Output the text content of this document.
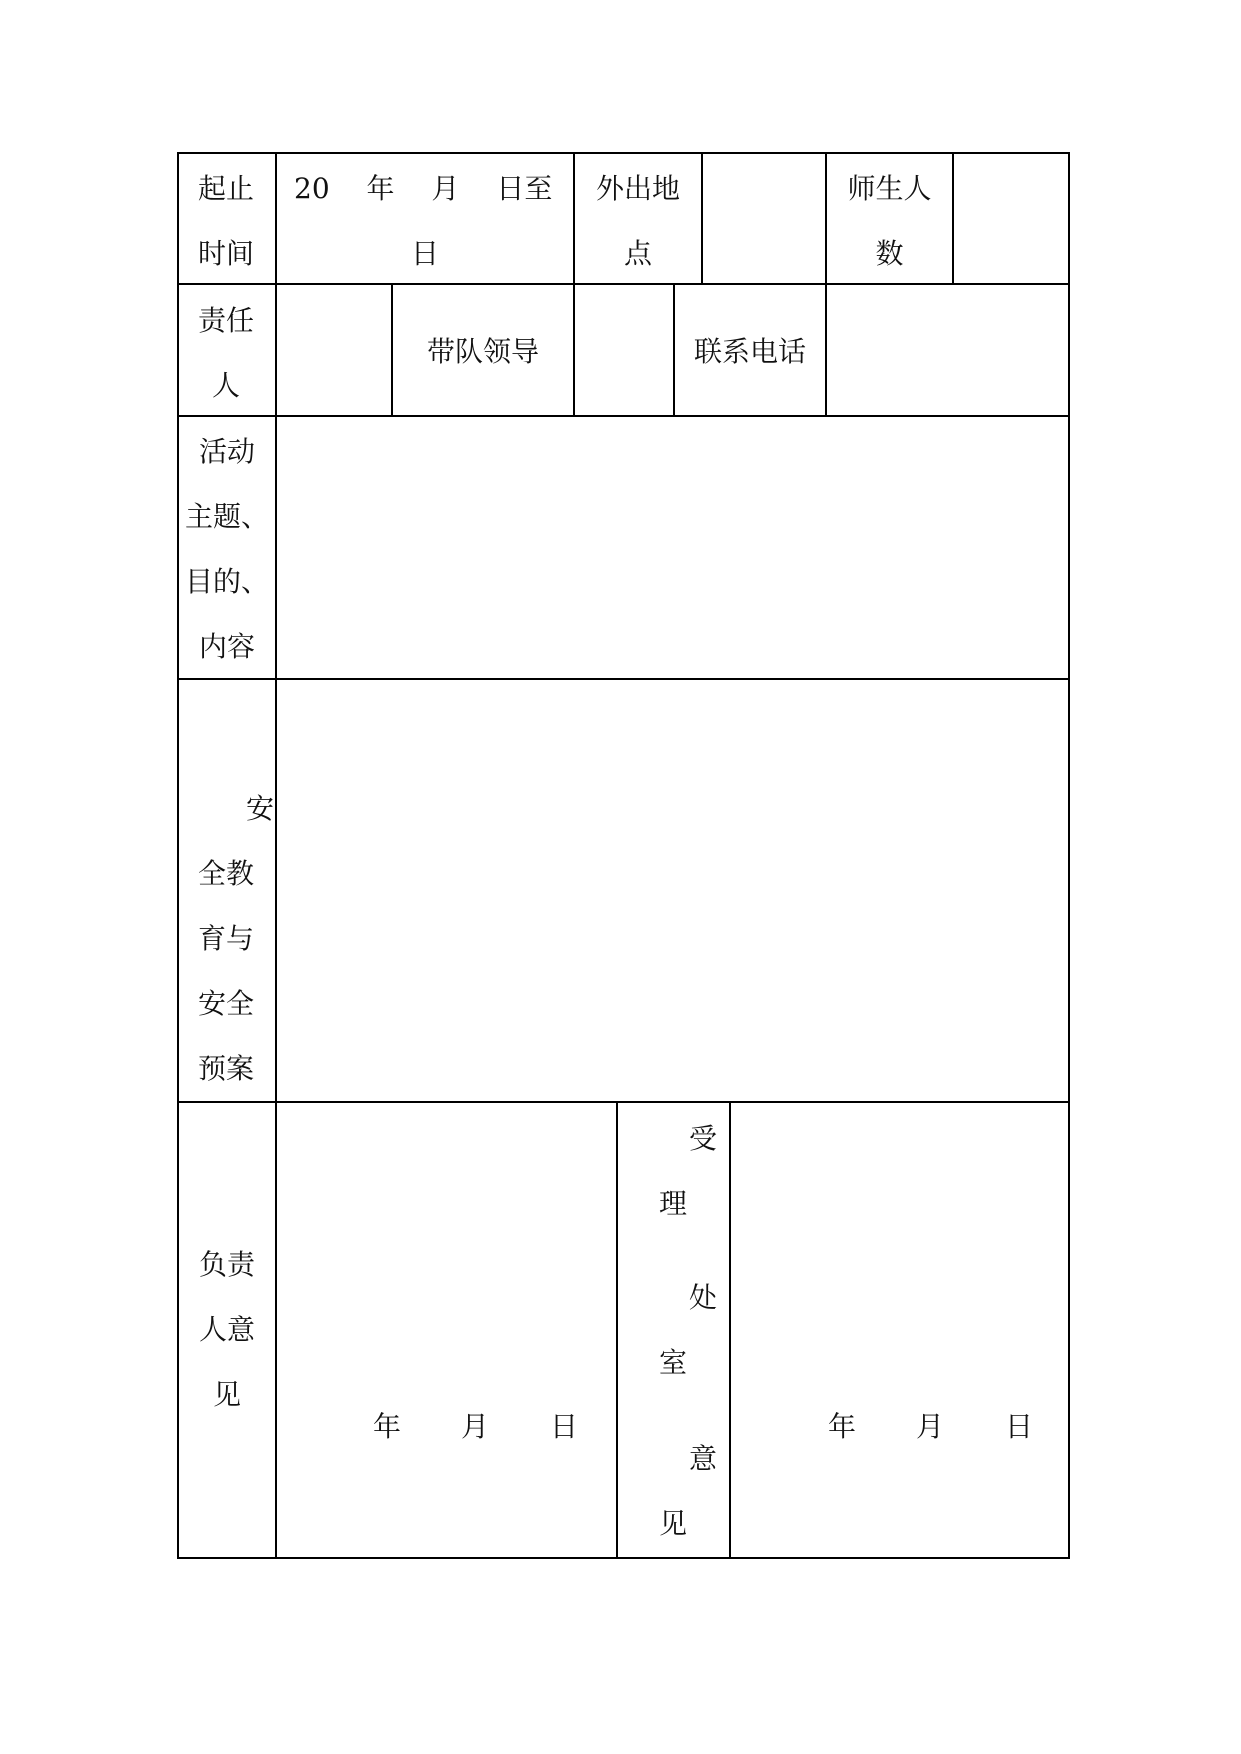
起止
时间
20　 年　 月　 日至
日
外出地
点
师生人
数
责任
人
带队领导	联系电话
活动
主题、
目的、
内容
安
全教
育与
安全
预案
负责
人意
见
年 月 日
受
理
处
室
意
见
年 月 日
